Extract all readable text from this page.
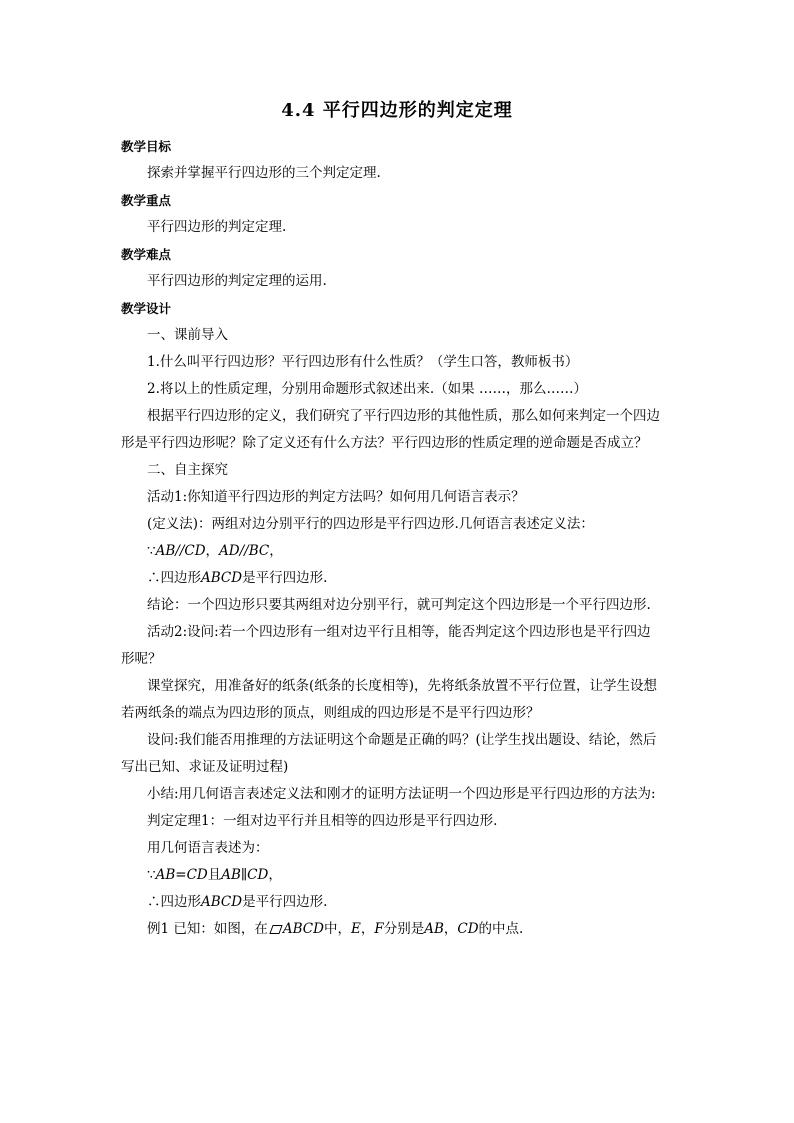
4.4 平行四边形的判定定理
教学目标
探索并掌握平行四边形的三个判定定理.
教学重点
平行四边形的判定定理.
教学难点
平行四边形的判定定理的运用.
教学设计
一、课前导入
1.什么叫平行四边形？平行四边形有什么性质？（学生口答，教师板书）
2.将以上的性质定理，分别用命题形式叙述出来.（如果 ……，那么……）
根据平行四边形的定义，我们研究了平行四边形的其他性质，那么如何来判定一个四边
形是平行四边形呢？除了定义还有什么方法？平行四边形的性质定理的逆命题是否成立？
二、自主探究
活动1:你知道平行四边形的判定方法吗？如何用几何语言表示？
(定义法)：两组对边分别平行的四边形是平行四边形.几何语言表述定义法：
∵AB//CD，AD//BC，
∴四边形ABCD是平行四边形.
结论：一个四边形只要其两组对边分别平行，就可判定这个四边形是一个平行四边形.
活动2:设问:若一个四边形有一组对边平行且相等，能否判定这个四边形也是平行四边
形呢？
课堂探究，用准备好的纸条(纸条的长度相等)，先将纸条放置不平行位置，让学生设想
若两纸条的端点为四边形的顶点，则组成的四边形是不是平行四边形？
设问:我们能否用推理的方法证明这个命题是正确的吗？(让学生找出题设、结论，然后
写出已知、求证及证明过程)
小结:用几何语言表述定义法和刚才的证明方法证明一个四边形是平行四边形的方法为:
判定定理1：一组对边平行并且相等的四边形是平行四边形.
用几何语言表述为：
∵AB=CD且AB∥CD，
∴四边形ABCD是平行四边形.
例1 已知：如图，在 ABCD中，E，F分别是AB，CD的中点.
